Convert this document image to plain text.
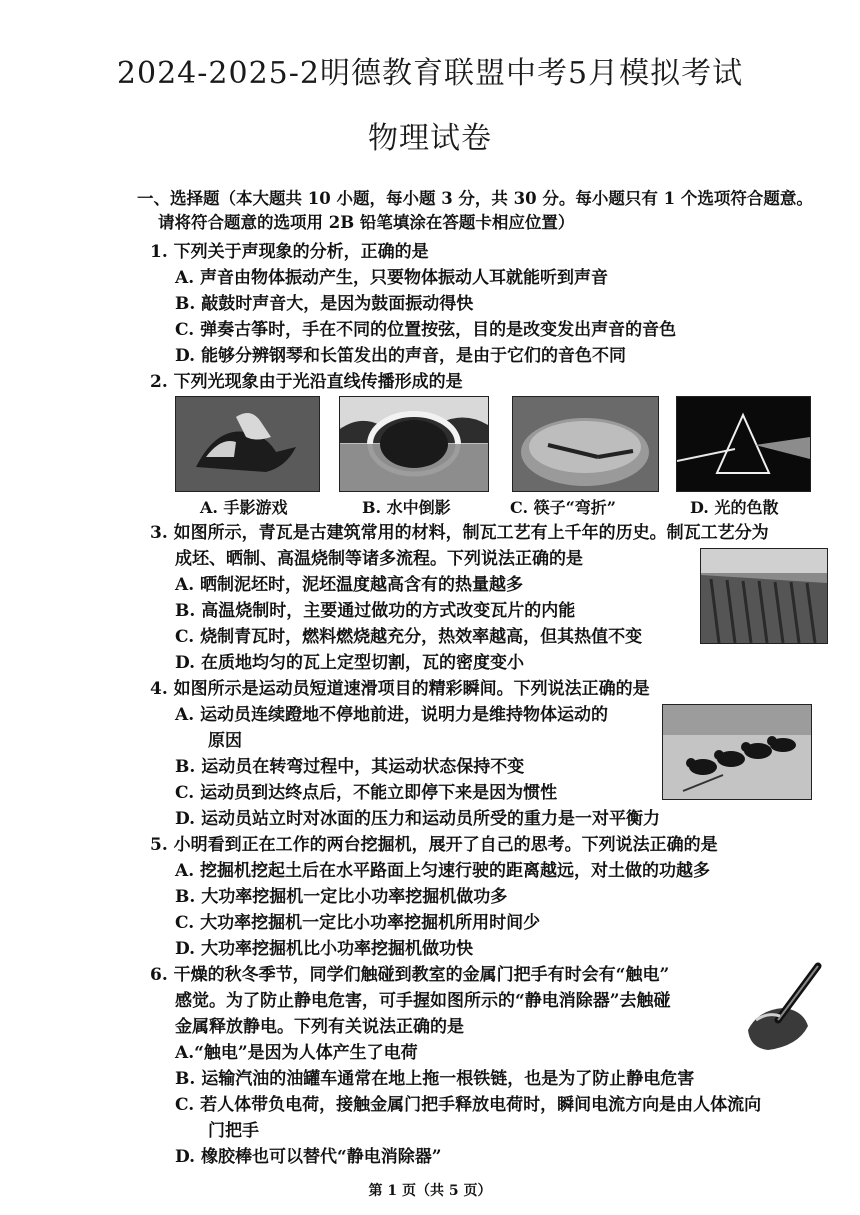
2024-2025-2明德教育联盟中考5月模拟考试
物理试卷
一、选择题（本大题共 10 小题，每小题 3 分，共 30 分。每小题只有 1 个选项符合题意。
请将符合题意的选项用 2B 铅笔填涂在答题卡相应位置）
1. 下列关于声现象的分析，正确的是
A. 声音由物体振动产生，只要物体振动人耳就能听到声音
B. 敲鼓时声音大，是因为鼓面振动得快
C. 弹奏古筝时，手在不同的位置按弦，目的是改变发出声音的音色
D. 能够分辨钢琴和长笛发出的声音，是由于它们的音色不同
2. 下列光现象由于光沿直线传播形成的是
A. 手影游戏	B. 水中倒影	C. 筷子“弯折”	D. 光的色散
3. 如图所示，青瓦是古建筑常用的材料，制瓦工艺有上千年的历史。制瓦工艺分为
成坯、晒制、高温烧制等诸多流程。下列说法正确的是
A. 晒制泥坯时，泥坯温度越高含有的热量越多
B. 高温烧制时，主要通过做功的方式改变瓦片的内能
C. 烧制青瓦时，燃料燃烧越充分，热效率越高，但其热值不变
D. 在质地均匀的瓦上定型切割，瓦的密度变小
4. 如图所示是运动员短道速滑项目的精彩瞬间。下列说法正确的是
A. 运动员连续蹬地不停地前进，说明力是维持物体运动的
原因
B. 运动员在转弯过程中，其运动状态保持不变
C. 运动员到达终点后，不能立即停下来是因为惯性
D. 运动员站立时对冰面的压力和运动员所受的重力是一对平衡力
5. 小明看到正在工作的两台挖掘机，展开了自己的思考。下列说法正确的是
A. 挖掘机挖起土后在水平路面上匀速行驶的距离越远，对土做的功越多
B. 大功率挖掘机一定比小功率挖掘机做功多
C. 大功率挖掘机一定比小功率挖掘机所用时间少
D. 大功率挖掘机比小功率挖掘机做功快
6. 干燥的秋冬季节，同学们触碰到教室的金属门把手有时会有“触电”
感觉。为了防止静电危害，可手握如图所示的“静电消除器”去触碰
金属释放静电。下列有关说法正确的是
A.“触电”是因为人体产生了电荷
B. 运输汽油的油罐车通常在地上拖一根铁链，也是为了防止静电危害
C. 若人体带负电荷，接触金属门把手释放电荷时，瞬间电流方向是由人体流向
门把手
D. 橡胶棒也可以替代“静电消除器”
第 1 页（共 5 页）
